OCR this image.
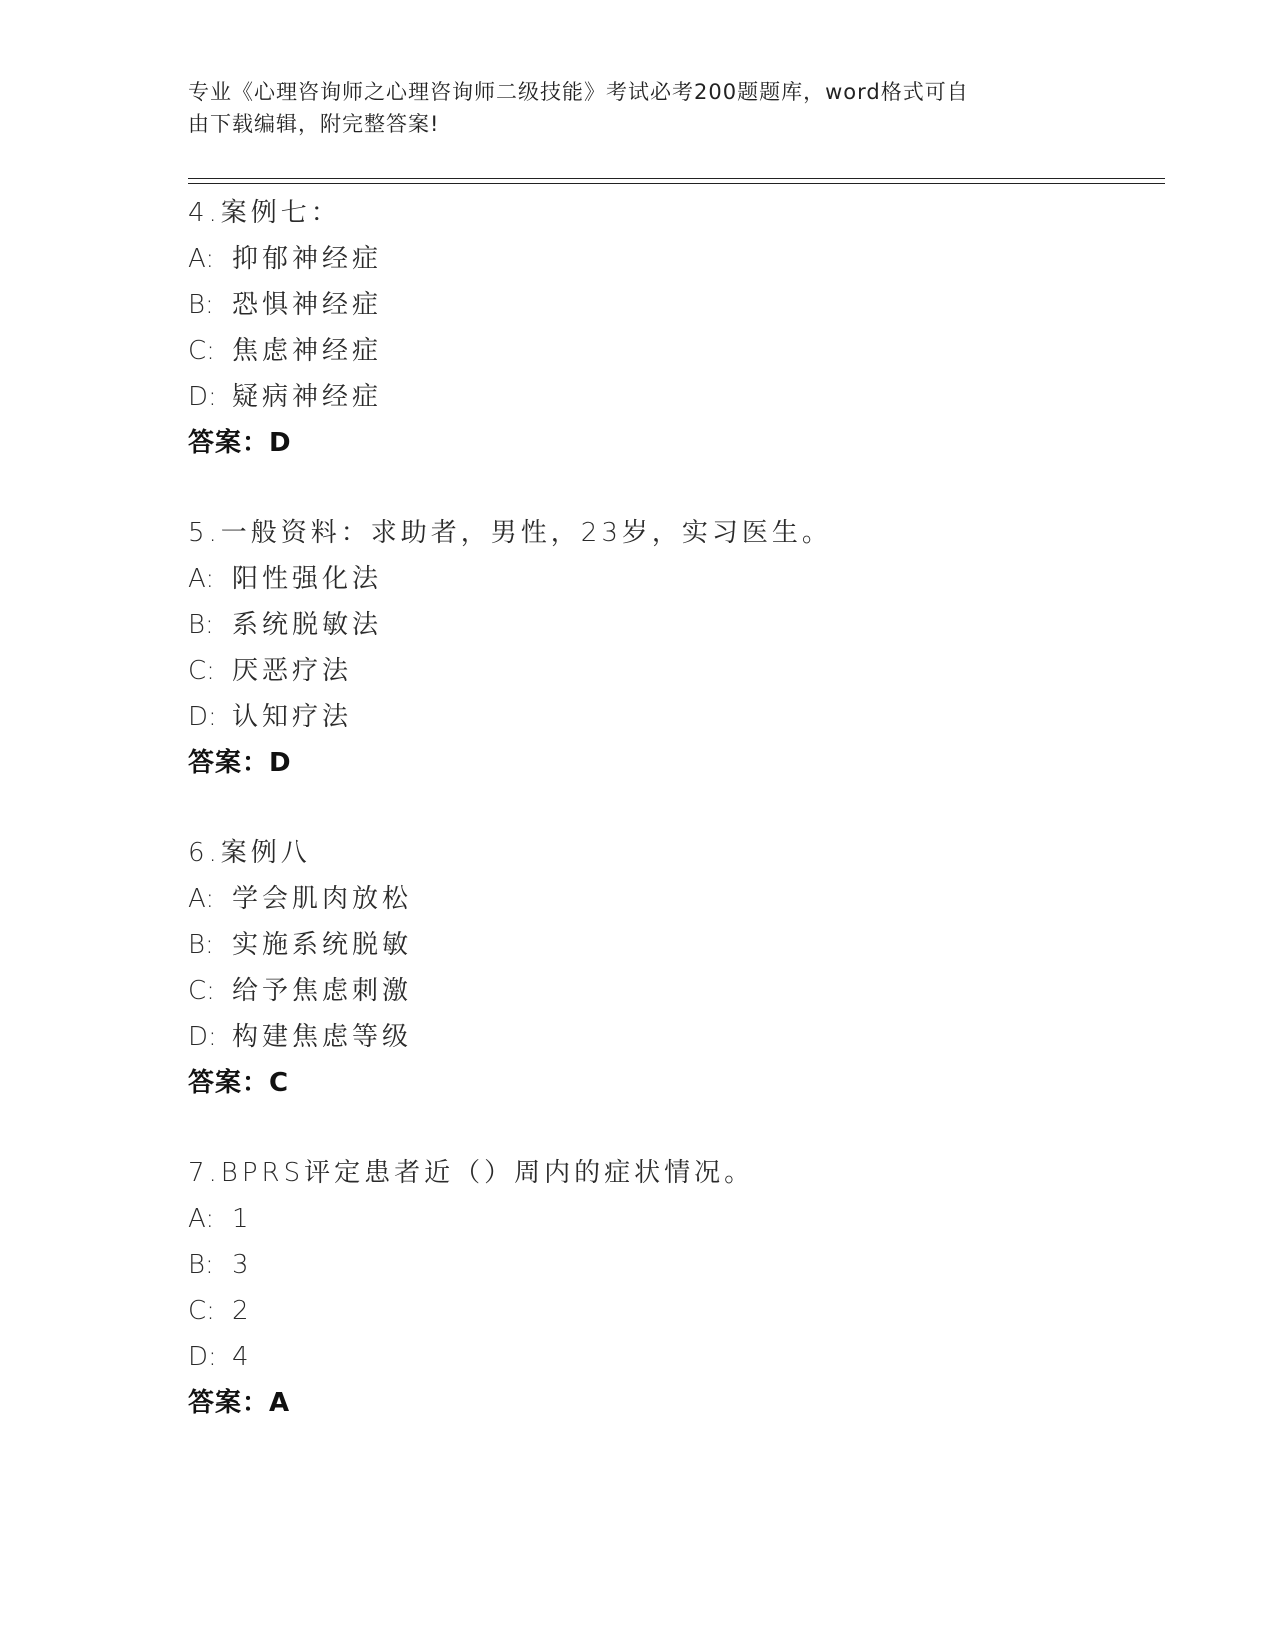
专业《心理咨询师之心理咨询师二级技能》考试必考200题题库，word格式可自
由下载编辑，附完整答案!
4.案例七：
A: 抑郁神经症
B: 恐惧神经症
C: 焦虑神经症
D: 疑病神经症
答案：D
5.一般资料：求助者，男性，23岁，实习医生。
A: 阳性强化法
B: 系统脱敏法
C: 厌恶疗法
D: 认知疗法
答案：D
6.案例八
A: 学会肌肉放松
B: 实施系统脱敏
C: 给予焦虑刺激
D: 构建焦虑等级
答案：C
7.BPRS评定患者近（）周内的症状情况。
A: 1
B: 3
C: 2
D: 4
答案：A
